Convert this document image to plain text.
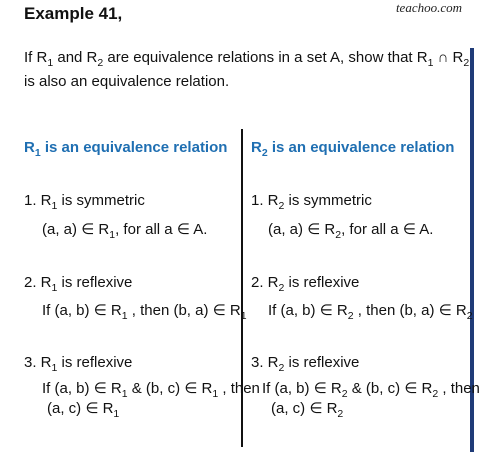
teachoo.com
Example 41,
If $R_1$ and $R_2$ are equivalence relations in a set A, show that $R_1$ ∩ $R_2$
is also an equivalence relation.
$R_1$ is an equivalence relation
1. $R_1$ is symmetric
(a, a) ∈ $R_1$, for all a ∈ A.
2. $R_1$ is reflexive
If (a, b) ∈ $R_1$ , then (b, a) ∈ $R_1$
3. $R_1$ is reflexive
If (a, b) ∈ $R_1$ & (b, c) ∈ $R_1$ , then
(a, c) ∈ $R_1$
$R_2$ is an equivalence relation
1. $R_2$ is symmetric
(a, a) ∈ $R_2$, for all a ∈ A.
2. $R_2$ is reflexive
If (a, b) ∈ $R_2$ , then (b, a) ∈ $R_2$
3. $R_2$ is reflexive
If (a, b) ∈ $R_2$ & (b, c) ∈ $R_2$ , then
(a, c) ∈ $R_2$
